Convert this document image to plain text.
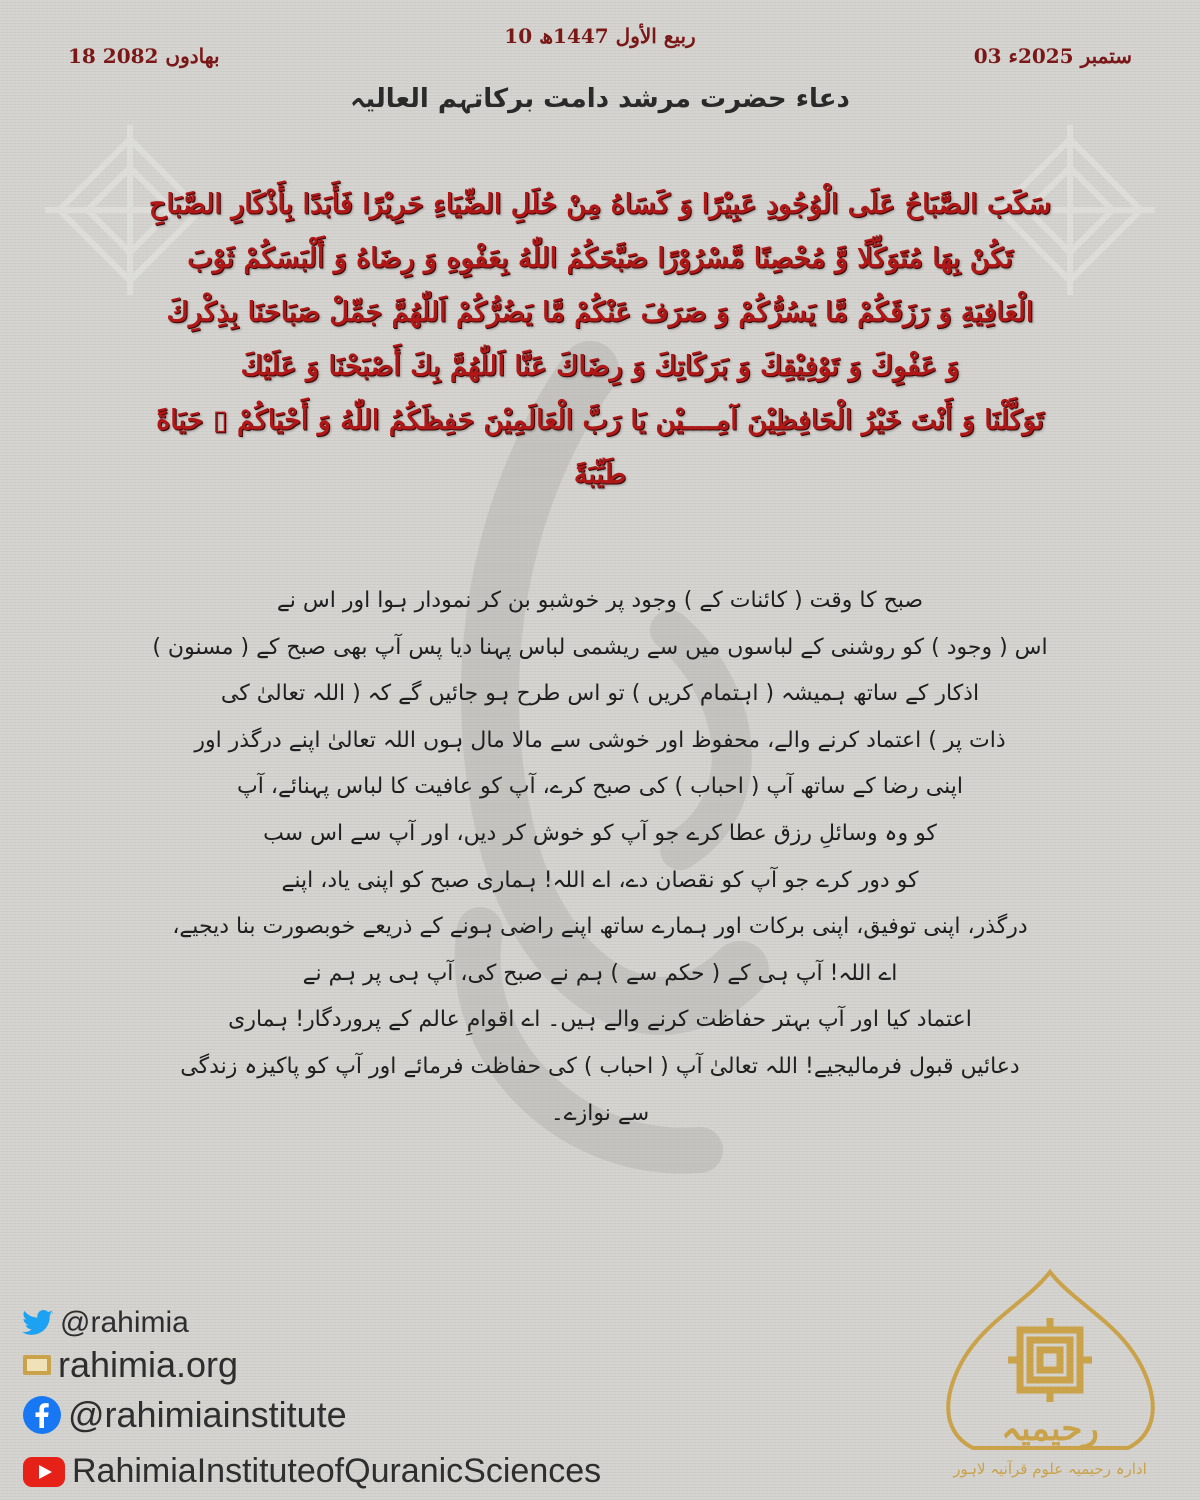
10 ربیع الأول 1447ھ
03 ستمبر 2025ء
18 بھادوں 2082
دعاء حضرت مرشد دامت برکاتہم العالیہ
سَكَبَ الصَّبَاحُ عَلَى الْوُجُودِ عَبِيْرًا وَ كَسَاهُ مِنْ حُلَلِ الضِّيَاءِ حَرِيْرًا فَأَبَدًا بِأَذْكَارِ الصَّبَاحِ
تَكُنْ بِهَا مُتَوَكِّلًا وَّ مُحْصِنًا مَّسْرُوْرًا صَبَّحَكُمُ اللّٰهُ بِعَفْوِهِ وَ رِضَاهُ وَ أَلْبَسَكُمْ ثَوْبَ
الْعَافِيَةِ وَ رَزَقَكُمْ مَّا يَسُرُّكُمْ وَ صَرَفَ عَنْكُمْ مَّا يَضُرُّكُمْ اَللّٰهُمَّ جَمِّلْ صَبَاحَنَا بِذِكْرِكَ
وَ عَفْوِكَ وَ تَوْفِيْقِكَ وَ بَرَكَاتِكَ وَ رِضَاكَ عَنَّا اَللّٰهُمَّ بِكَ أَصْبَحْنَا وَ عَلَيْكَ
تَوَكَّلْنَا وَ أَنْتَ خَيْرُ الْحَافِظِيْنَ آمِــــيْن يَا رَبَّ الْعَالَمِيْنَ حَفِظَكُمُ اللّٰهُ وَ أَحْيَاكُمْ ▯ حَيَاةً
طَيِّبَةً
صبح کا وقت ( کائنات کے ) وجود پر خوشبو بن کر نمودار ہوا اور اس نے
اس ( وجود ) کو روشنی کے لباسوں میں سے ریشمی لباس پہنا دیا پس آپ بھی صبح کے ( مسنون )
اذکار کے ساتھ ہمیشہ ( اہتمام کریں ) تو اس طرح ہو جائیں گے کہ ( اللہ تعالیٰ کی
ذات پر ) اعتماد کرنے والے، محفوظ اور خوشی سے مالا مال ہوں اللہ تعالیٰ اپنے درگذر اور
اپنی رضا کے ساتھ آپ ( احباب ) کی صبح کرے، آپ کو عافیت کا لباس پہنائے، آپ
کو وہ وسائلِ رزق عطا کرے جو آپ کو خوش کر دیں، اور آپ سے اس سب
کو دور کرے جو آپ کو نقصان دے، اے اللہ! ہماری صبح کو اپنی یاد، اپنے
درگذر، اپنی توفیق، اپنی برکات اور ہمارے ساتھ اپنے راضی ہونے کے ذریعے خوبصورت بنا دیجیے،
اے اللہ! آپ ہی کے ( حکم سے ) ہم نے صبح کی، آپ ہی پر ہم نے
اعتماد کیا اور آپ بہتر حفاظت کرنے والے ہیں۔ اے اقوامِ عالم کے پروردگار! ہماری
دعائیں قبول فرمالیجیے! اللہ تعالیٰ آپ ( احباب ) کی حفاظت فرمائے اور آپ کو پاکیزہ زندگی
سے نوازے۔
@rahimia
rahimia.org
@rahimiainstitute
RahimiaInstituteofQuranicSciences
رحیمیہ
ادارہ رحیمیہ علوم قرآنیہ لاہور
